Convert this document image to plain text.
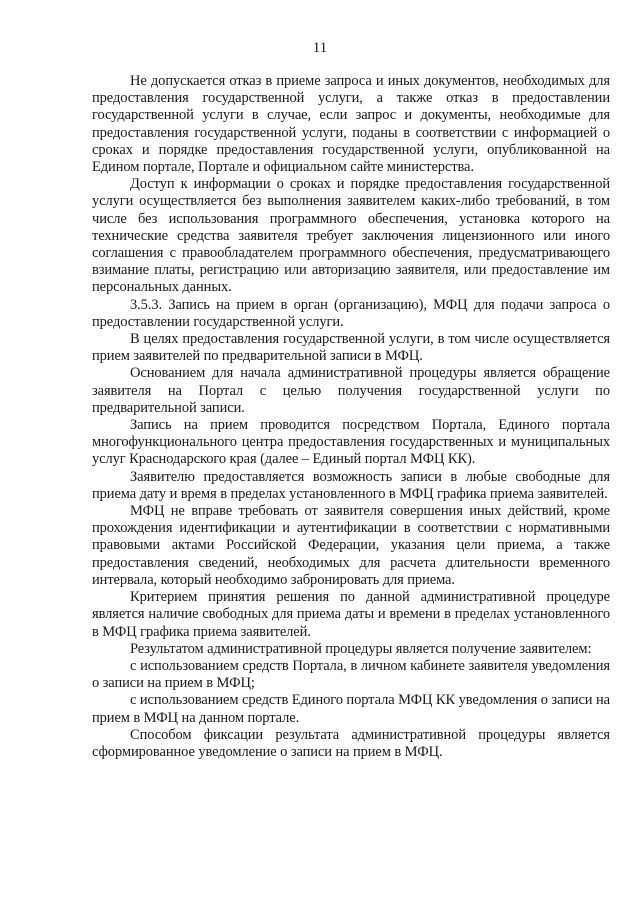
11

Не допускается отказ в приеме запроса и иных документов, необходимых для предоставления государственной услуги, а также отказ в предоставлении государственной услуги в случае, если запрос и документы, необходимые для предоставления государственной услуги, поданы в соответствии с информацией о сроках и порядке предоставления государственной услуги, опубликованной на Едином портале, Портале и официальном сайте министерства.

Доступ к информации о сроках и порядке предоставления государственной услуги осуществляется без выполнения заявителем каких-либо требований, в том числе без использования программного обеспечения, установка которого на технические средства заявителя требует заключения лицензионного или иного соглашения с правообладателем программного обеспечения, предусматривающего взимание платы, регистрацию или авторизацию заявителя, или предоставление им персональных данных.

3.5.3. Запись на прием в орган (организацию), МФЦ для подачи запроса о предоставлении государственной услуги.

В целях предоставления государственной услуги, в том числе осуществляется прием заявителей по предварительной записи в МФЦ.

Основанием для начала административной процедуры является обращение заявителя на Портал с целью получения государственной услуги по предварительной записи.

Запись на прием проводится посредством Портала, Единого портала многофункционального центра предоставления государственных и муниципальных услуг Краснодарского края (далее – Единый портал МФЦ КК).

Заявителю предоставляется возможность записи в любые свободные для приема дату и время в пределах установленного в МФЦ графика приема заявителей.

МФЦ не вправе требовать от заявителя совершения иных действий, кроме прохождения идентификации и аутентификации в соответствии с нормативными правовыми актами Российской Федерации, указания цели приема, а также предоставления сведений, необходимых для расчета длительности временного интервала, который необходимо забронировать для приема.

Критерием принятия решения по данной административной процедуре является наличие свободных для приема даты и времени в пределах установленного в МФЦ графика приема заявителей.

Результатом административной процедуры является получение заявителем:

с использованием средств Портала, в личном кабинете заявителя уведомления о записи на прием в МФЦ;

с использованием средств Единого портала МФЦ КК уведомления о записи на прием в МФЦ на данном портале.

Способом фиксации результата административной процедуры является сформированное уведомление о записи на прием в МФЦ.
